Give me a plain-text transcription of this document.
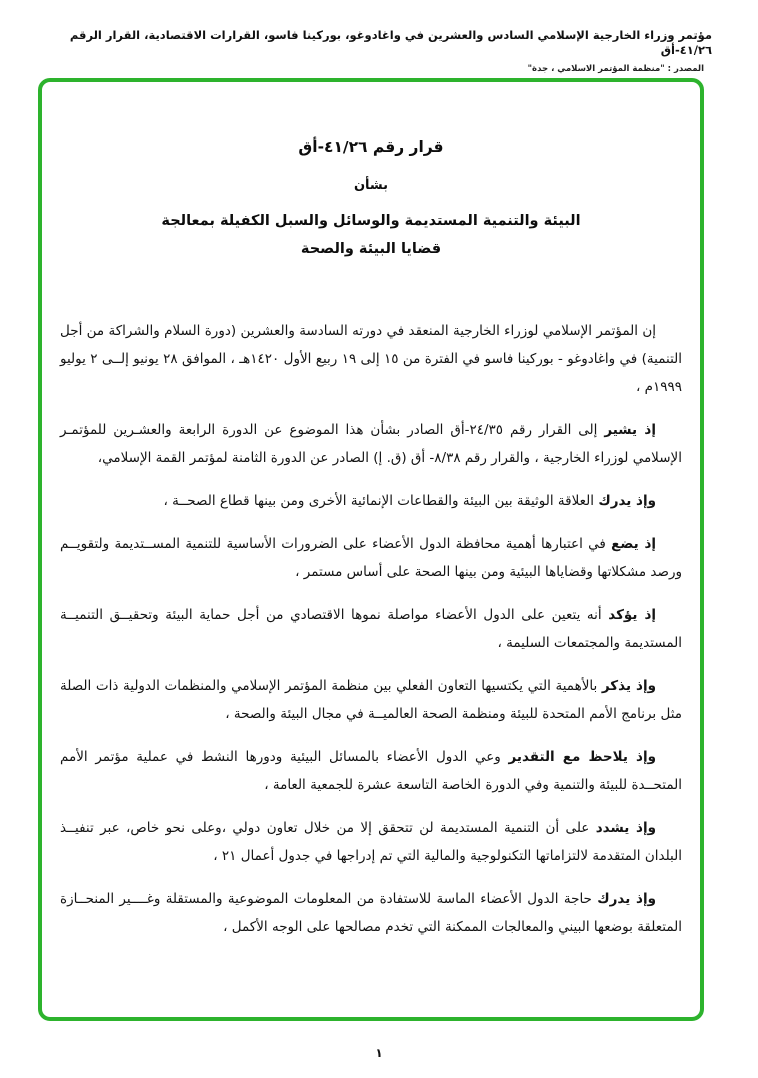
مؤتمر وزراء الخارجية الإسلامي السادس والعشرين في واغادوغو، بوركينا فاسو، القرارات الاقتصادية، القرار الرقم ٤١/٢٦-أق
المصدر : "منظمة المؤتمر الاسلامي ، جدة"
قرار رقم ٤١/٢٦-أق
بشأن
البيئة والتنمية المستديمة والوسائل والسبل الكفيلة بمعالجة
قضايا البيئة والصحة

إن المؤتمر الإسلامي لوزراء الخارجية المنعقد في دورته السادسة والعشرين (دورة السلام والشراكة من أجل التنمية) في واغادوغو - بوركينا فاسو في الفترة من ١٥ إلى ١٩ ربيع الأول ١٤٢٠هـ ، الموافق ٢٨ يونيو إلــى ٢ يوليو ١٩٩٩م ،

إذ يشير إلى القرار رقم ٢٤/٣٥-أق الصادر بشأن هذا الموضوع عن الدورة الرابعة والعشـرين للمؤتمـر الإسلامي لوزراء الخارجية ، والقرار رقم ٨/٣٨- أق (ق. إ) الصادر عن الدورة الثامنة لمؤتمر القمة الإسلامي،

وإذ يدرك العلاقة الوثيقة بين البيئة والقطاعات الإنمائية الأخرى ومن بينها قطاع الصحــة ،

إذ يضع في اعتبارها أهمية محافظة الدول الأعضاء على الضرورات الأساسية للتنمية المســتديمة ولتقويــم ورصد مشكلاتها وقضاياها البيئية ومن بينها الصحة على أساس مستمر ،

إذ يؤكد أنه يتعين على الدول الأعضاء مواصلة نموها الاقتصادي من أجل حماية البيئة وتحقيــق التنميــة المستديمة والمجتمعات السليمة ،

وإذ يذكر بالأهمية التي يكتسيها التعاون الفعلي بين منظمة المؤتمر الإسلامي والمنظمات الدولية ذات الصلة مثل برنامج الأمم المتحدة للبيئة ومنظمة الصحة العالميــة في مجال البيئة والصحة ،

وإذ يلاحظ مع التقدير وعي الدول الأعضاء بالمسائل البيئية ودورها النشط في عملية مؤتمر الأمم المتحــدة للبيئة والتنمية وفي الدورة الخاصة التاسعة عشرة للجمعية العامة ،

وإذ يشدد على أن التنمية المستديمة لن تتحقق إلا من خلال تعاون دولي ،وعلى نحو خاص، عبر تنفيــذ البلدان المتقدمة لالتزاماتها التكنولوجية والمالية التي تم إدراجها في جدول أعمال ٢١ ،

وإذ يدرك حاجة الدول الأعضاء الماسة للاستفادة من المعلومات الموضوعية والمستقلة وغــــير المنحــازة المتعلقة بوضعها البيني والمعالجات الممكنة التي تخدم مصالحها على الوجه الأكمل ،

١
